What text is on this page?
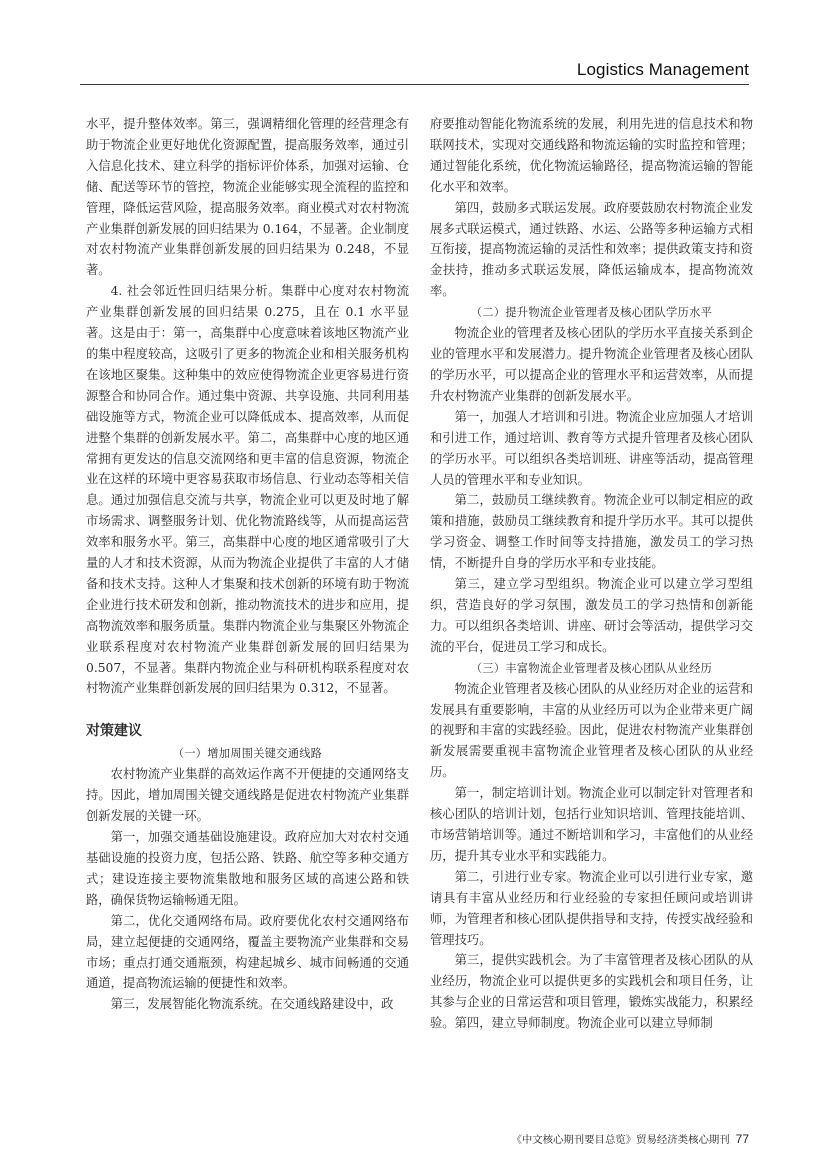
Logistics Management

水平，提升整体效率。第三，强调精细化管理的经营理念有助于物流企业更好地优化资源配置，提高服务效率，通过引入信息化技术、建立科学的指标评价体系，加强对运输、仓储、配送等环节的管控，物流企业能够实现全流程的监控和管理，降低运营风险，提高服务效率。商业模式对农村物流产业集群创新发展的回归结果为 0.164，不显著。企业制度对农村物流产业集群创新发展的回归结果为 0.248，不显著。

4. 社会邻近性回归结果分析。集群中心度对农村物流产业集群创新发展的回归结果 0.275，且在 0.1 水平显著。这是由于：第一，高集群中心度意味着该地区物流产业的集中程度较高，这吸引了更多的物流企业和相关服务机构在该地区聚集。这种集中的效应使得物流企业更容易进行资源整合和协同合作。通过集中资源、共享设施、共同利用基础设施等方式，物流企业可以降低成本、提高效率，从而促进整个集群的创新发展水平。第二，高集群中心度的地区通常拥有更发达的信息交流网络和更丰富的信息资源，物流企业在这样的环境中更容易获取市场信息、行业动态等相关信息。通过加强信息交流与共享，物流企业可以更及时地了解市场需求、调整服务计划、优化物流路线等，从而提高运营效率和服务水平。第三，高集群中心度的地区通常吸引了大量的人才和技术资源，从而为物流企业提供了丰富的人才储备和技术支持。这种人才集聚和技术创新的环境有助于物流企业进行技术研发和创新，推动物流技术的进步和应用，提高物流效率和服务质量。集群内物流企业与集聚区外物流企业联系程度对农村物流产业集群创新发展的回归结果为 0.507，不显著。集群内物流企业与科研机构联系程度对农村物流产业集群创新发展的回归结果为 0.312，不显著。

对策建议
（一）增加周围关键交通线路

农村物流产业集群的高效运作离不开便捷的交通网络支持。因此，增加周围关键交通线路是促进农村物流产业集群创新发展的关键一环。

第一，加强交通基础设施建设。政府应加大对农村交通基础设施的投资力度，包括公路、铁路、航空等多种交通方式；建设连接主要物流集散地和服务区域的高速公路和铁路，确保货物运输畅通无阻。

第二，优化交通网络布局。政府要优化农村交通网络布局，建立起便捷的交通网络，覆盖主要物流产业集群和交易市场；重点打通交通瓶颈，构建起城乡、城市间畅通的交通通道，提高物流运输的便捷性和效率。

第三，发展智能化物流系统。在交通线路建设中，政

府要推动智能化物流系统的发展，利用先进的信息技术和物联网技术，实现对交通线路和物流运输的实时监控和管理；通过智能化系统，优化物流运输路径，提高物流运输的智能化水平和效率。

第四，鼓励多式联运发展。政府要鼓励农村物流企业发展多式联运模式，通过铁路、水运、公路等多种运输方式相互衔接，提高物流运输的灵活性和效率；提供政策支持和资金扶持，推动多式联运发展，降低运输成本，提高物流效率。

（二）提升物流企业管理者及核心团队学历水平

物流企业的管理者及核心团队的学历水平直接关系到企业的管理水平和发展潜力。提升物流企业管理者及核心团队的学历水平，可以提高企业的管理水平和运营效率，从而提升农村物流产业集群的创新发展水平。

第一，加强人才培训和引进。物流企业应加强人才培训和引进工作，通过培训、教育等方式提升管理者及核心团队的学历水平。可以组织各类培训班、讲座等活动，提高管理人员的管理水平和专业知识。

第二，鼓励员工继续教育。物流企业可以制定相应的政策和措施，鼓励员工继续教育和提升学历水平。其可以提供学习资金、调整工作时间等支持措施，激发员工的学习热情，不断提升自身的学历水平和专业技能。

第三，建立学习型组织。物流企业可以建立学习型组织，营造良好的学习氛围，激发员工的学习热情和创新能力。可以组织各类培训、讲座、研讨会等活动，提供学习交流的平台，促进员工学习和成长。

（三）丰富物流企业管理者及核心团队从业经历

物流企业管理者及核心团队的从业经历对企业的运营和发展具有重要影响，丰富的从业经历可以为企业带来更广阔的视野和丰富的实践经验。因此，促进农村物流产业集群创新发展需要重视丰富物流企业管理者及核心团队的从业经历。

第一，制定培训计划。物流企业可以制定针对管理者和核心团队的培训计划，包括行业知识培训、管理技能培训、市场营销培训等。通过不断培训和学习，丰富他们的从业经历，提升其专业水平和实践能力。

第二，引进行业专家。物流企业可以引进行业专家，邀请具有丰富从业经历和行业经验的专家担任顾问或培训讲师，为管理者和核心团队提供指导和支持，传授实战经验和管理技巧。

第三，提供实践机会。为了丰富管理者及核心团队的从业经历，物流企业可以提供更多的实践机会和项目任务，让其参与企业的日常运营和项目管理，锻炼实战能力，积累经验。第四，建立导师制度。物流企业可以建立导师制

《中文核心期刊要目总览》贸易经济类核心期刊 77
